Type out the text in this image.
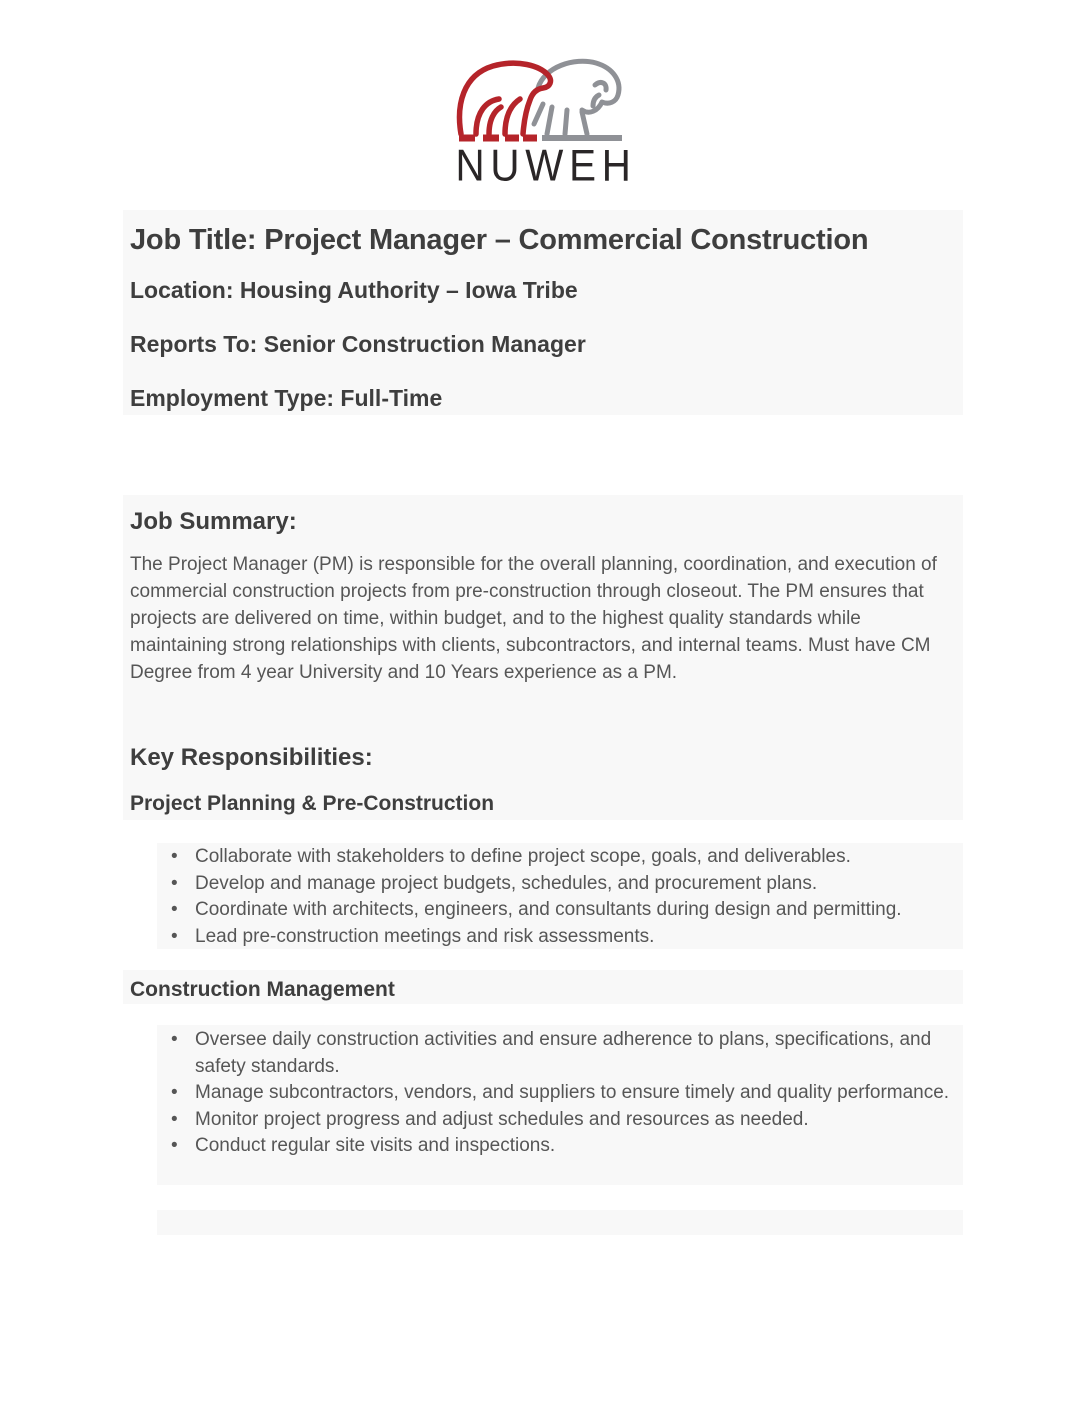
NUWEH
Job Title: Project Manager – Commercial Construction
Location: Housing Authority – Iowa Tribe
Reports To: Senior Construction Manager
Employment Type: Full-Time
Job Summary:

The Project Manager (PM) is responsible for the overall planning, coordination, and execution of commercial construction projects from pre-construction through closeout. The PM ensures that projects are delivered on time, within budget, and to the highest quality standards while maintaining strong relationships with clients, subcontractors, and internal teams. Must have CM Degree from 4 year University and 10 Years experience as a PM.

Key Responsibilities:
Project Planning & Pre-Construction
• Collaborate with stakeholders to define project scope, goals, and deliverables.
• Develop and manage project budgets, schedules, and procurement plans.
• Coordinate with architects, engineers, and consultants during design and permitting.
• Lead pre-construction meetings and risk assessments.
Construction Management
• Oversee daily construction activities and ensure adherence to plans, specifications, and safety standards.
• Manage subcontractors, vendors, and suppliers to ensure timely and quality performance.
• Monitor project progress and adjust schedules and resources as needed.
• Conduct regular site visits and inspections.
